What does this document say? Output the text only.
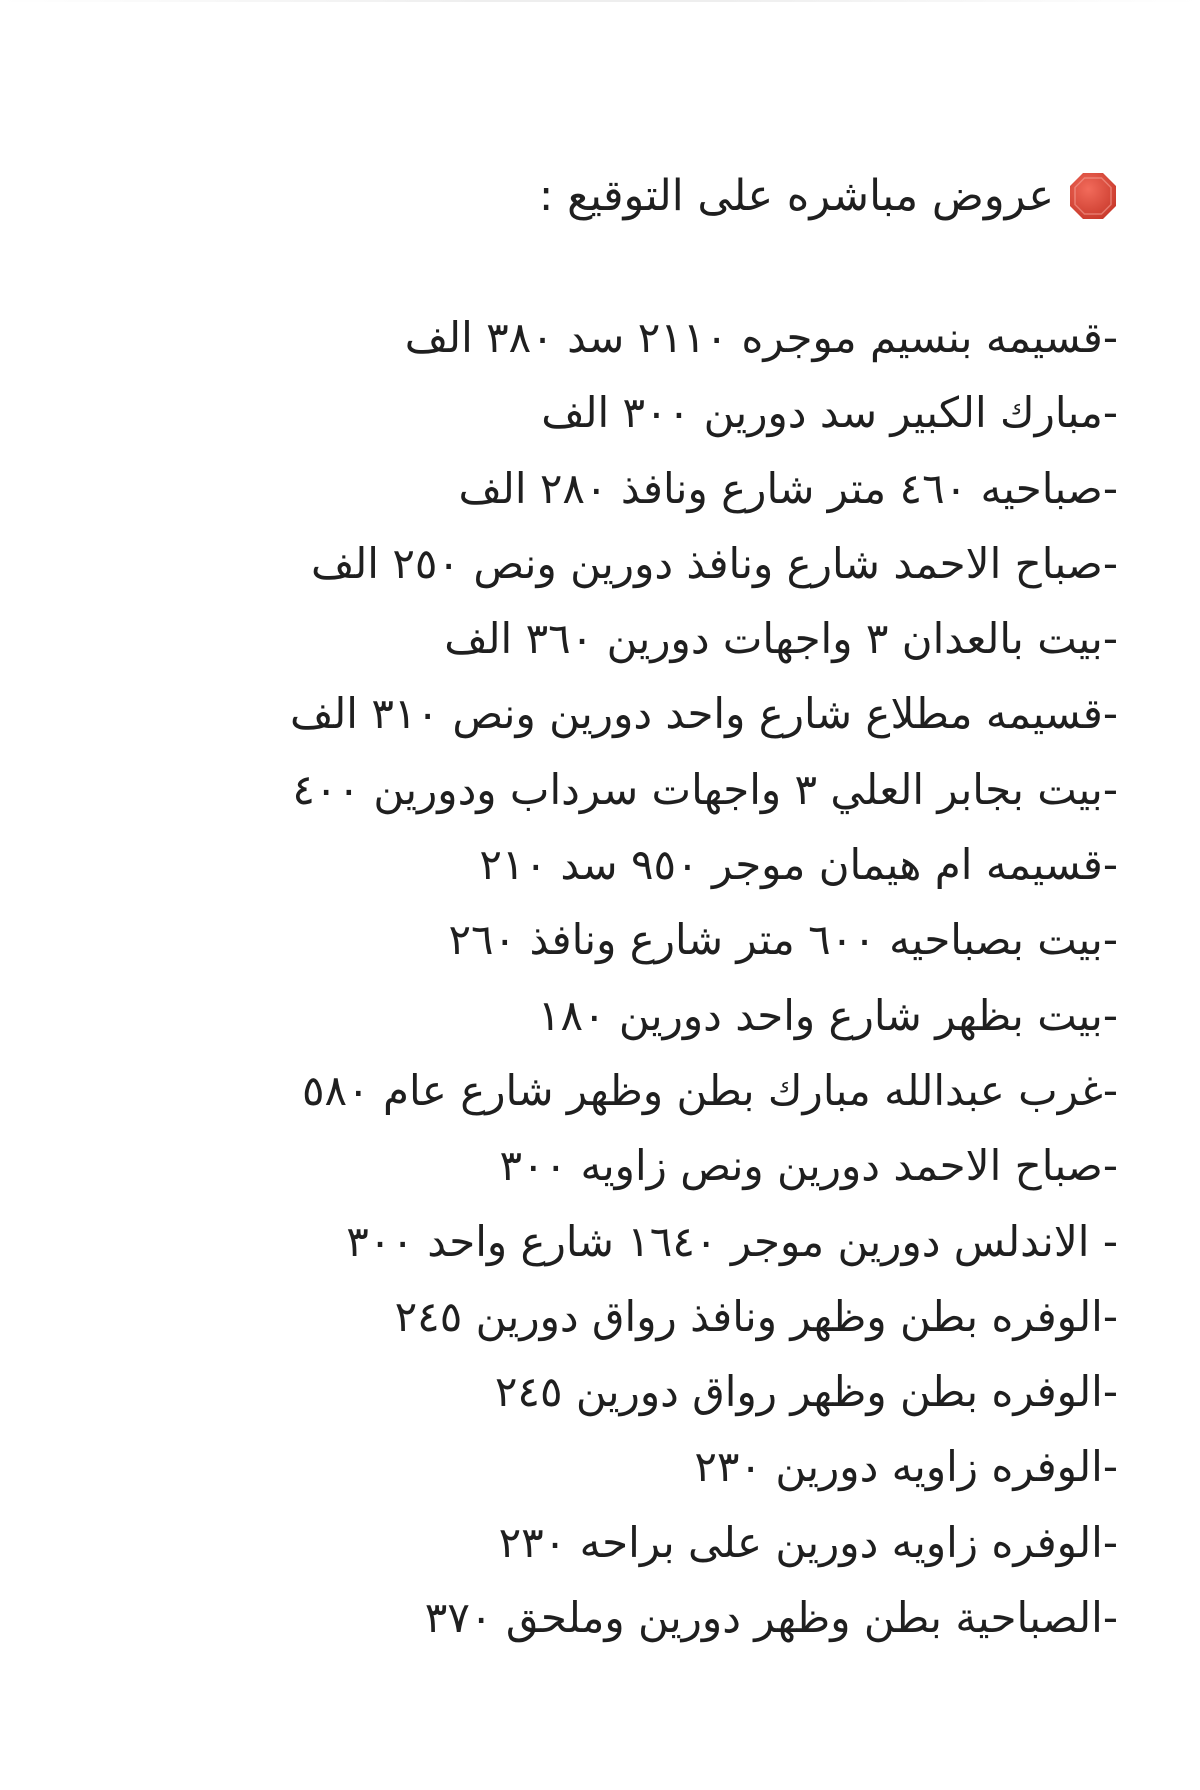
عروض مباشره على التوقيع :
-قسيمه بنسيم موجره ٢١١٠ سد ٣٨٠ الف
-مبارك الكبير سد دورين ٣٠٠ الف
-صباحيه ٤٦٠ متر شارع ونافذ ٢٨٠ الف
-صباح الاحمد شارع ونافذ دورين ونص ٢٥٠ الف
-بيت بالعدان ٣ واجهات دورين ٣٦٠ الف
-قسيمه مطلاع شارع واحد دورين ونص ٣١٠ الف
-بيت بجابر العلي ٣ واجهات سرداب ودورين ٤٠٠
-قسيمه ام هيمان موجر ٩٥٠ سد ٢١٠
-بيت بصباحيه ٦٠٠ متر شارع ونافذ ٢٦٠
-بيت بظهر شارع واحد دورين ١٨٠
-غرب عبدالله مبارك بطن وظهر شارع عام ٥٨٠
-صباح الاحمد دورين ونص زاويه ٣٠٠
- الاندلس دورين موجر ١٦٤٠ شارع واحد ٣٠٠
-الوفره بطن وظهر ونافذ رواق دورين ٢٤٥
-الوفره بطن وظهر رواق دورين ٢٤٥
-الوفره زاويه دورين ٢٣٠
-الوفره زاويه دورين على براحه ٢٣٠
-الصباحية بطن وظهر دورين وملحق ٣٧٠
